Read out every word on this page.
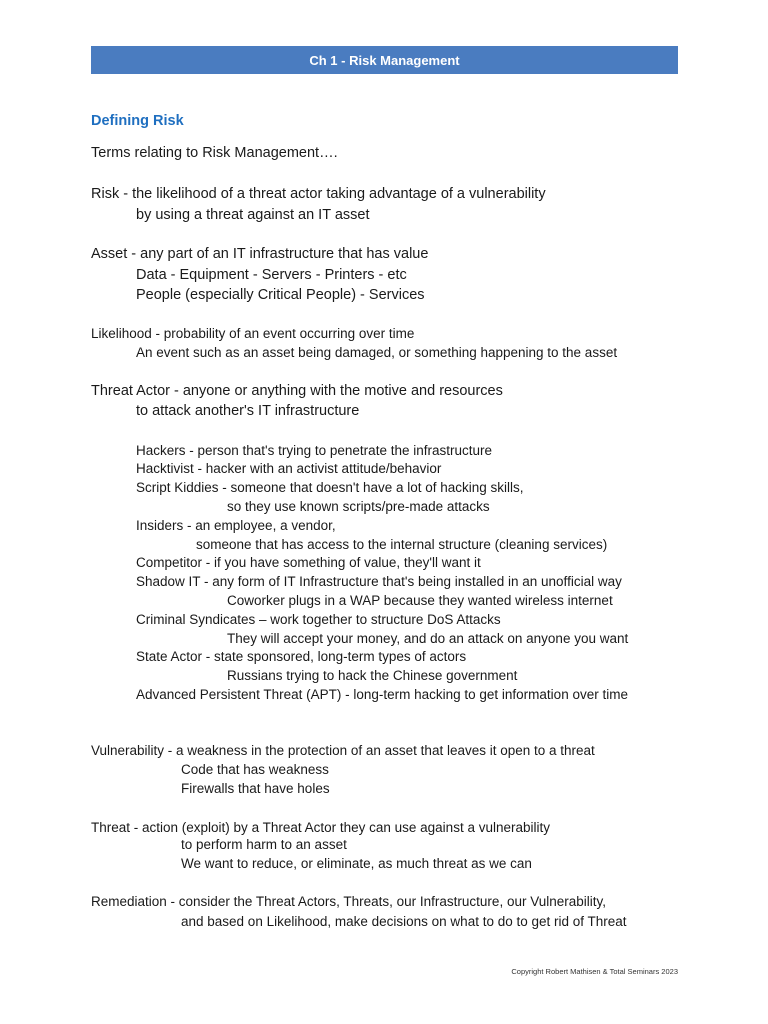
Ch 1 - Risk Management
Defining Risk
Terms relating to Risk Management….
Risk - the likelihood of a threat actor taking advantage of a vulnerability
by using a threat against an IT asset
Asset - any part of an IT infrastructure that has value
Data - Equipment - Servers - Printers - etc
People (especially Critical People) - Services
Likelihood - probability of an event occurring over time
An event such as an asset being damaged, or something happening to the asset
Threat Actor - anyone or anything with the motive and resources
to attack another's IT infrastructure
Hackers - person that's trying to penetrate the infrastructure
Hacktivist - hacker with an activist attitude/behavior
Script Kiddies - someone that doesn't have a lot of hacking skills,
so they use known scripts/pre-made attacks
Insiders - an employee, a vendor,
someone that has access to the internal structure (cleaning services)
Competitor - if you have something of value, they'll want it
Shadow IT - any form of IT Infrastructure that's being installed in an unofficial way
Coworker plugs in a WAP because they wanted wireless internet
Criminal Syndicates – work together to structure DoS Attacks
They will accept your money, and do an attack on anyone you want
State Actor - state sponsored, long-term types of actors
Russians trying to hack the Chinese government
Advanced Persistent Threat (APT) - long-term hacking to get information over time
Vulnerability - a weakness in the protection of an asset that leaves it open to a threat
Code that has weakness
Firewalls that have holes
Threat - action (exploit) by a Threat Actor they can use against a vulnerability
to perform harm to an asset
We want to reduce, or eliminate, as much threat as we can
Remediation - consider the Threat Actors, Threats, our Infrastructure, our Vulnerability,
and based on Likelihood, make decisions on what to do to get rid of Threat
Copyright Robert Mathisen & Total Seminars 2023
